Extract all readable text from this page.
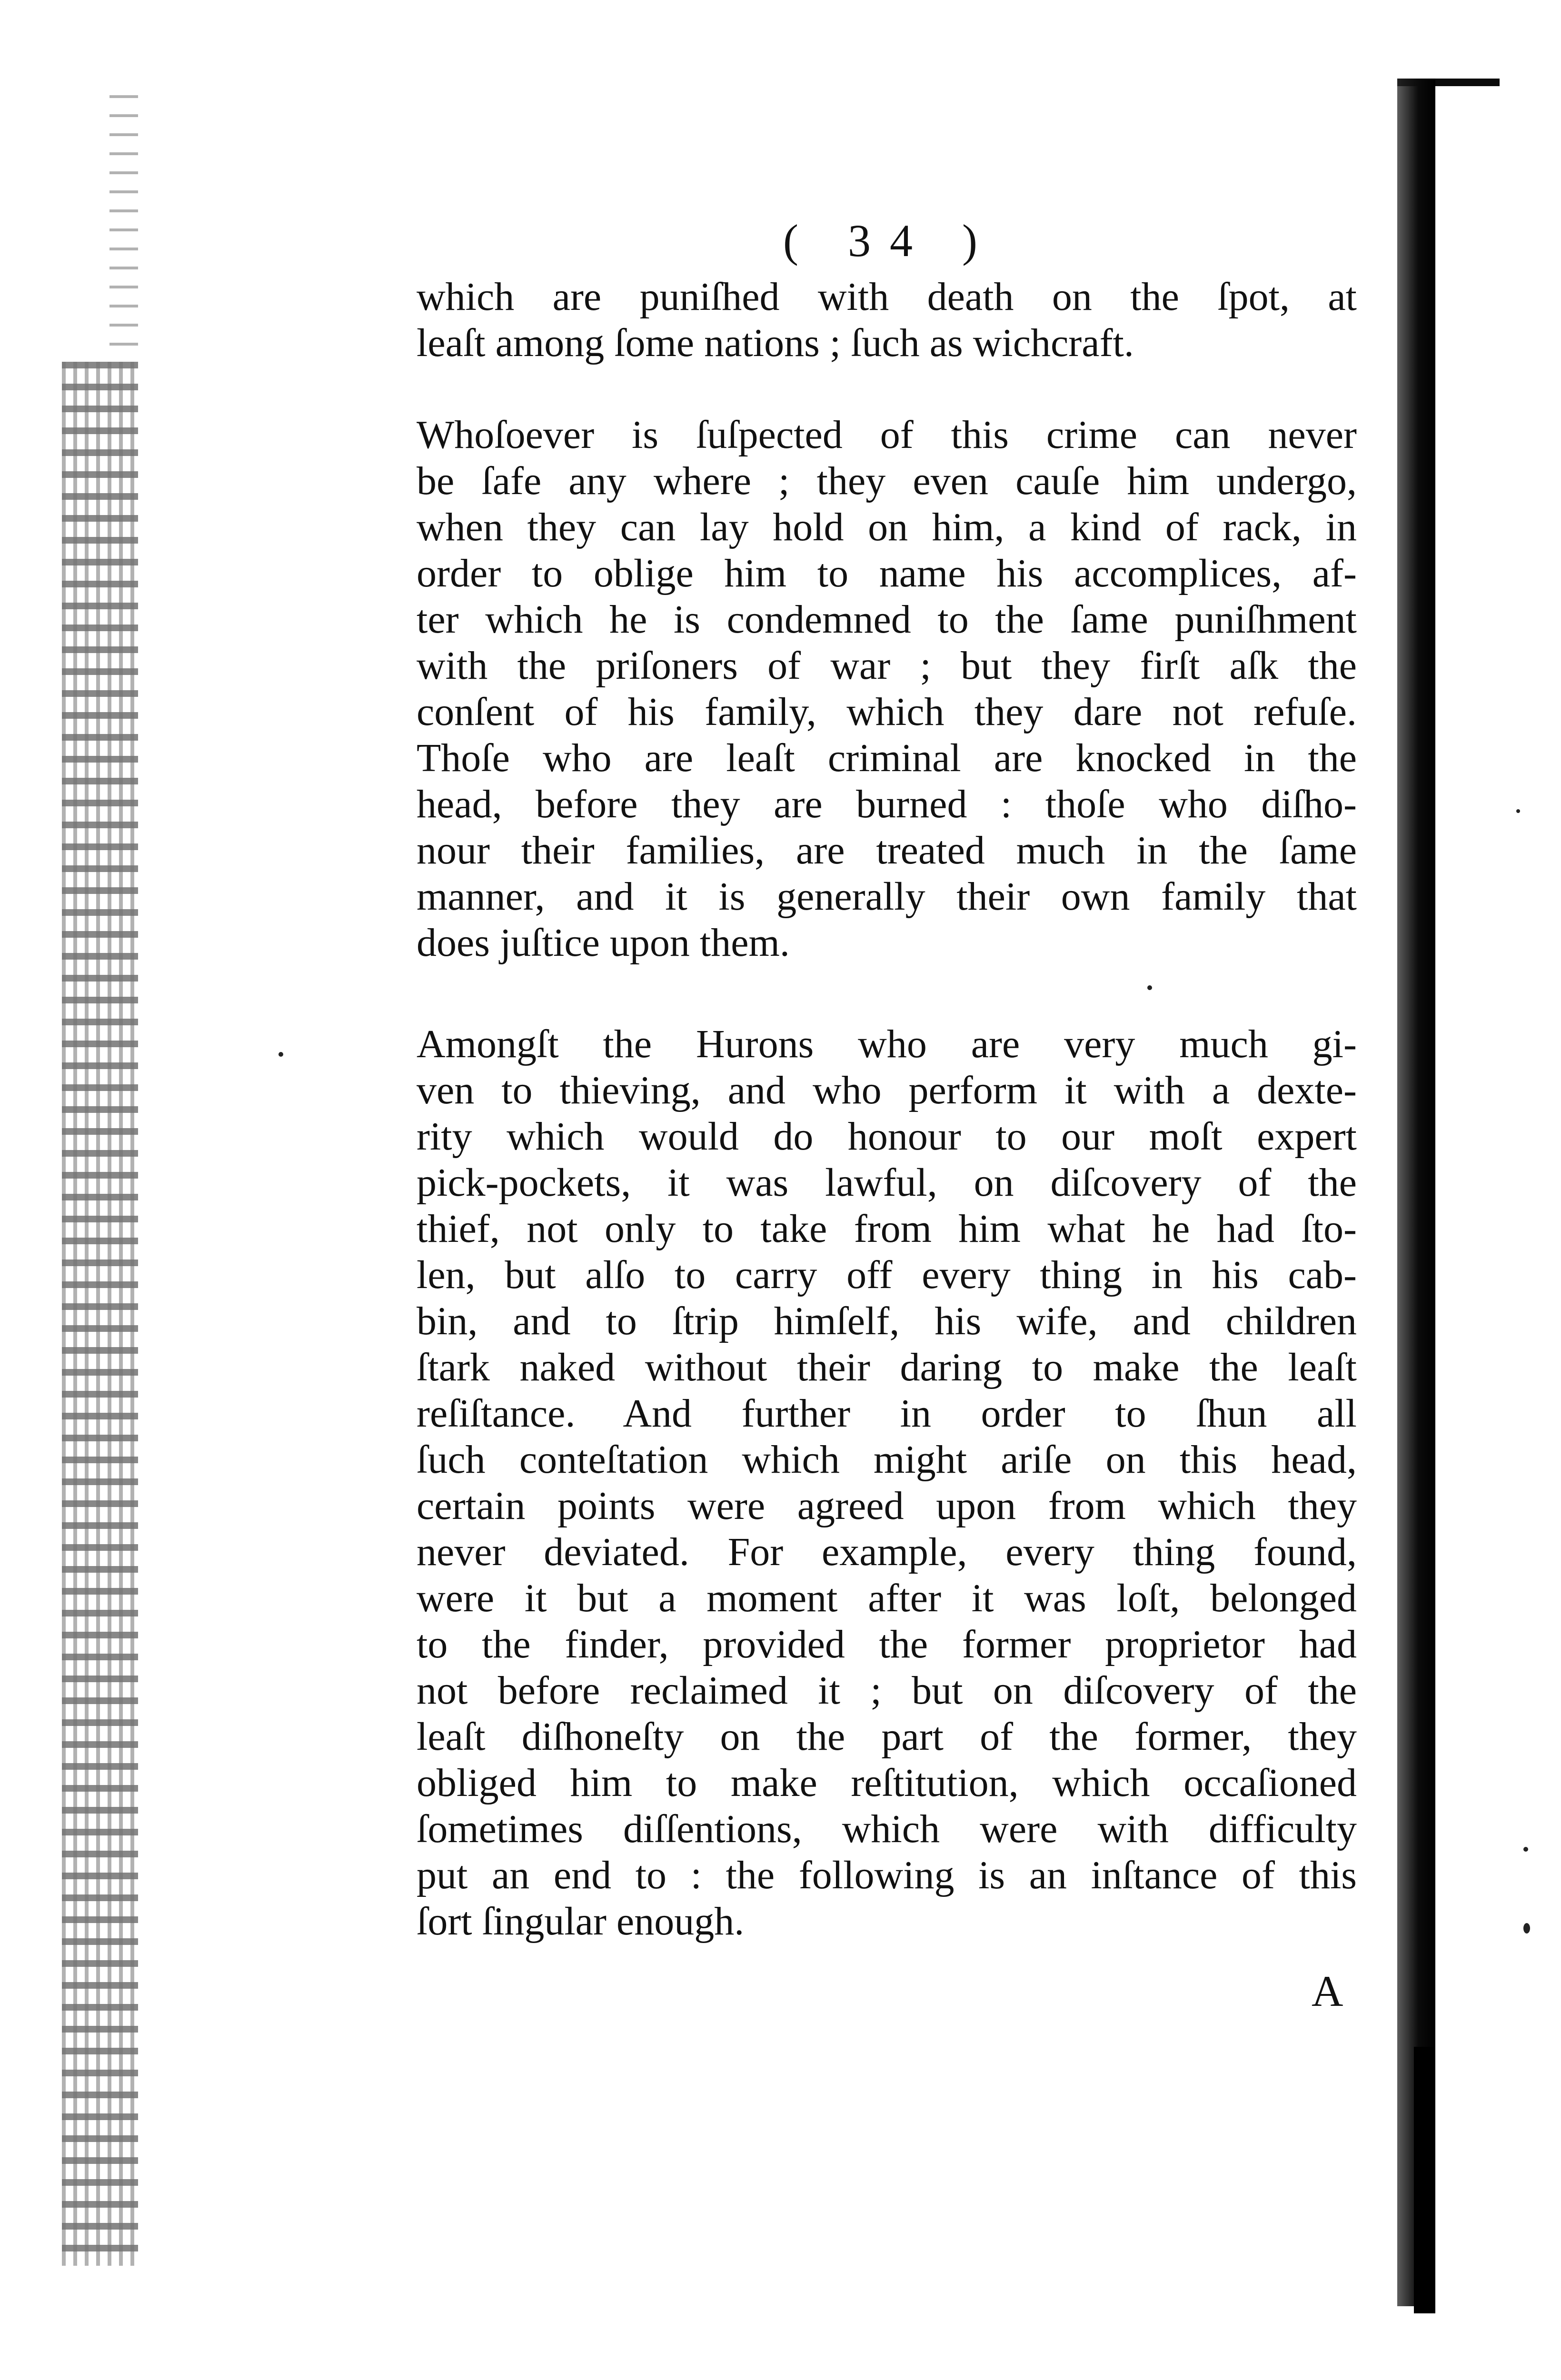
( 34 )
which are puniſhed with death on the ſpot, at
leaſt among ſome nations ; ſuch as wichcraft.
Whoſoever is ſuſpected of this crime can never
be ſafe any where ; they even cauſe him undergo,
when they can lay hold on him, a kind of rack, in
order to oblige him to name his accomplices, af-
ter which he is condemned to the ſame puniſhment
with the priſoners of war ; but they firſt aſk the
conſent of his family, which they dare not refuſe.
Thoſe who are leaſt criminal are knocked in the
head, before they are burned : thoſe who diſho-
nour their families, are treated much in the ſame
manner, and it is generally their own family that
does juſtice upon them.
Amongſt the Hurons who are very much gi-
ven to thieving, and who perform it with a dexte-
rity which would do honour to our moſt expert
pick-pockets, it was lawful, on diſcovery of the
thief, not only to take from him what he had ſto-
len, but alſo to carry off every thing in his cab-
bin, and to ſtrip himſelf, his wife, and children
ſtark naked without their daring to make the leaſt
reſiſtance. And further in order to ſhun all
ſuch conteſtation which might ariſe on this head,
certain points were agreed upon from which they
never deviated. For example, every thing found,
were it but a moment after it was loſt, belonged
to the finder, provided the former proprietor had
not before reclaimed it ; but on diſcovery of the
leaſt diſhoneſty on the part of the former, they
obliged him to make reſtitution, which occaſioned
ſometimes diſſentions, which were with difficulty
put an end to : the following is an inſtance of this
ſort ſingular enough.
A
